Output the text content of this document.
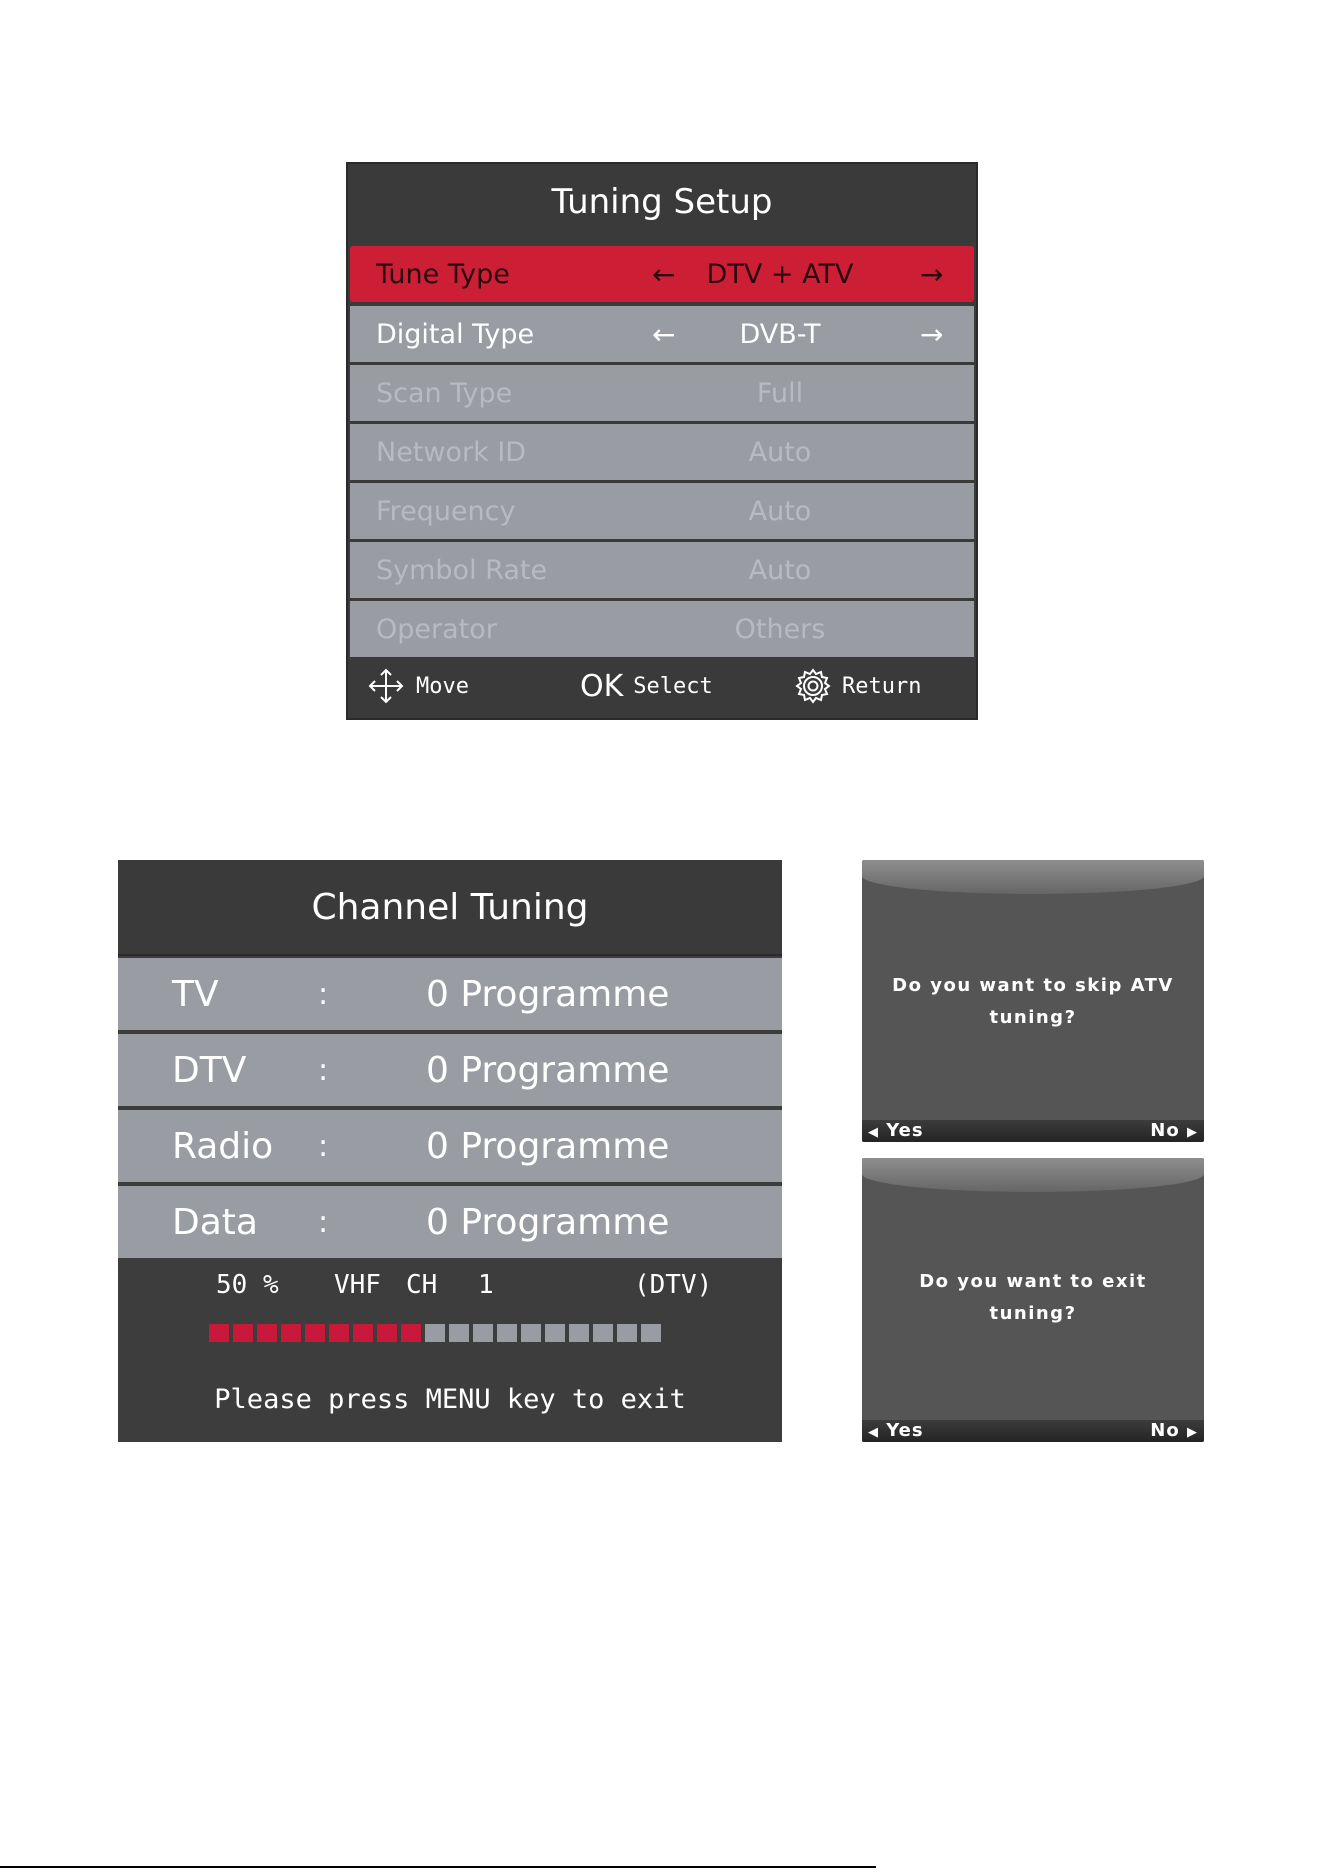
Tuning Setup
Tune Type	←	DTV + ATV	→
Digital Type	←	DVB-T	→
Scan Type	Full
Network ID	Auto
Frequency	Auto
Symbol Rate	Auto
Operator	Others
Move	OK Select	Return
Channel Tuning
TV	:	0 Programme
DTV :	0 Programme
Radio :	0 Programme
Data :	0 Programme
50 % VHF CH 1	(DTV)
Please press MENU key to exit
Do you want to skip ATV
tuning?
◀ Yes	No ▶
Do you want to exit tuning?
◀ Yes	No ▶
